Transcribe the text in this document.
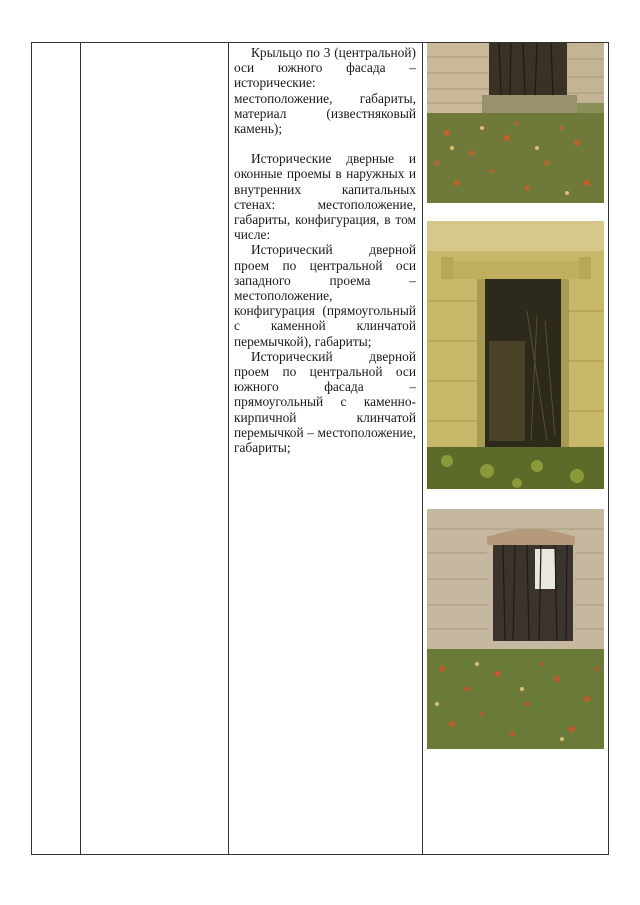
Крыльцо по 3 (центральной) оси южного фасада – исторические: местоположение, габариты, материал (известняковый камень);

Исторические дверные и оконные проемы в наружных и внутренних капитальных стенах: местоположение, габариты, конфигурация, в том числе:

Исторический дверной проем по центральной оси западного проема – местоположение, конфигурация (прямоугольный с каменной клинчатой перемычкой), габариты;

Исторический дверной проем по центральной оси южного фасада – прямоугольный с каменно-кирпичной клинчатой перемычкой – местоположение, габариты;
